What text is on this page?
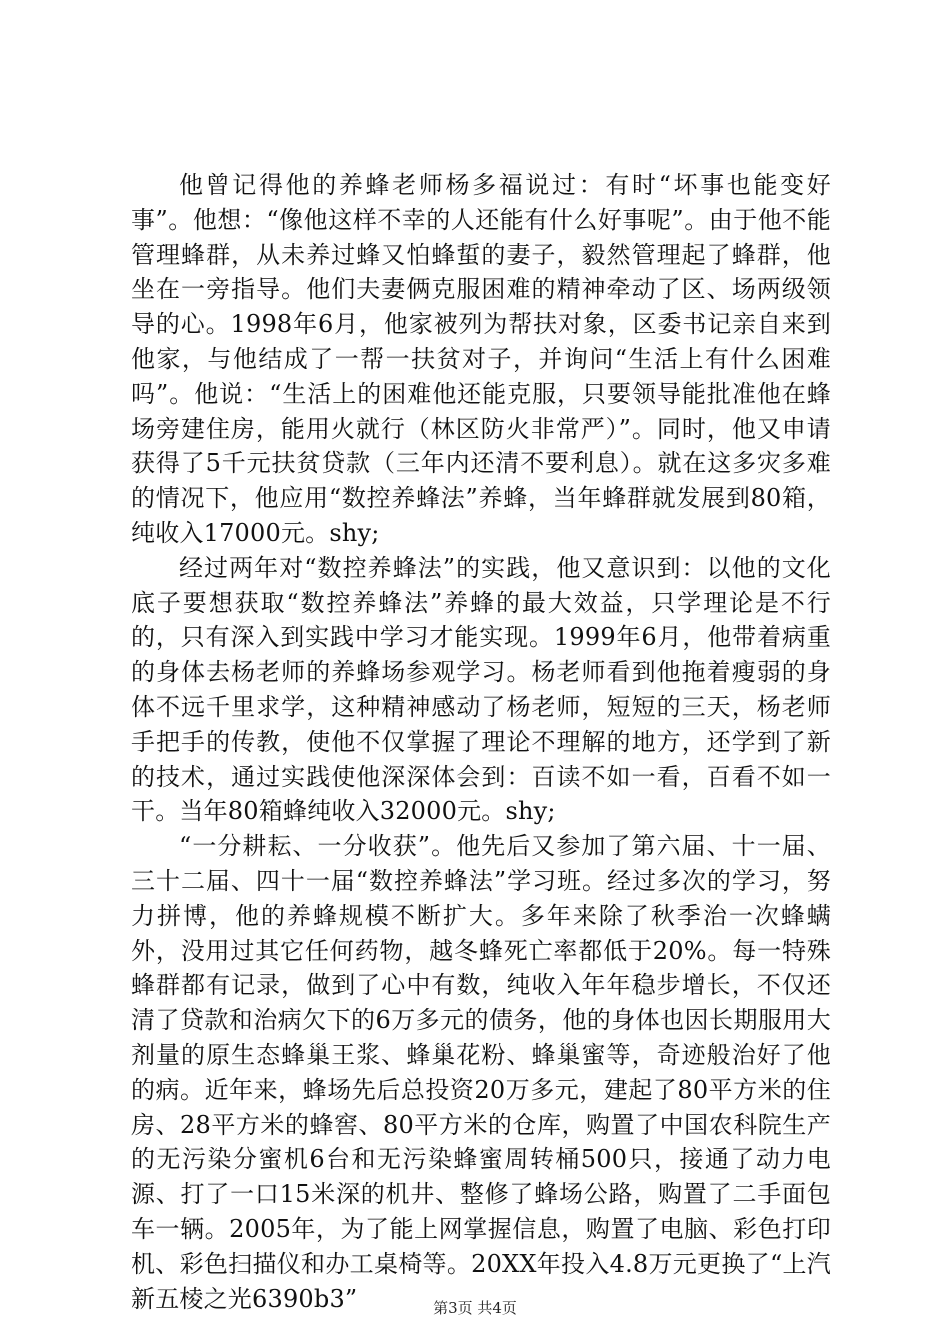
他曾记得他的养蜂老师杨多福说过：有时“坏事也能变好事”。他想：“像他这样不幸的人还能有什么好事呢”。由于他不能管理蜂群，从未养过蜂又怕蜂蜇的妻子，毅然管理起了蜂群，他坐在一旁指导。他们夫妻俩克服困难的精神牵动了区、场两级领导的心。1998年6月，他家被列为帮扶对象，区委书记亲自来到他家，与他结成了一帮一扶贫对子，并询问“生活上有什么困难吗”。他说：“生活上的困难他还能克服，只要领导能批准他在蜂场旁建住房，能用火就行（林区防火非常严）”。同时，他又申请获得了5千元扶贫贷款（三年内还清不要利息）。就在这多灾多难的情况下，他应用“数控养蜂法”养蜂，当年蜂群就发展到80箱，纯收入17000元。shy;

经过两年对“数控养蜂法”的实践，他又意识到：以他的文化底子要想获取“数控养蜂法”养蜂的最大效益，只学理论是不行的，只有深入到实践中学习才能实现。1999年6月，他带着病重的身体去杨老师的养蜂场参观学习。杨老师看到他拖着瘦弱的身体不远千里求学，这种精神感动了杨老师，短短的三天，杨老师手把手的传教，使他不仅掌握了理论不理解的地方，还学到了新的技术，通过实践使他深深体会到：百读不如一看，百看不如一干。当年80箱蜂纯收入32000元。shy;

“一分耕耘、一分收获”。他先后又参加了第六届、十一届、三十二届、四十一届“数控养蜂法”学习班。经过多次的学习，努力拼博，他的养蜂规模不断扩大。多年来除了秋季治一次蜂螨外，没用过其它任何药物，越冬蜂死亡率都低于20%。每一特殊蜂群都有记录，做到了心中有数，纯收入年年稳步增长，不仅还清了贷款和治病欠下的6万多元的债务，他的身体也因长期服用大剂量的原生态蜂巢王浆、蜂巢花粉、蜂巢蜜等，奇迹般治好了他的病。近年来，蜂场先后总投资20万多元，建起了80平方米的住房、28平方米的蜂窖、80平方米的仓库，购置了中国农科院生产的无污染分蜜机6台和无污染蜂蜜周转桶500只，接通了动力电源、打了一口15米深的机井、整修了蜂场公路，购置了二手面包车一辆。2005年，为了能上网掌握信息，购置了电脑、彩色打印机、彩色扫描仪和办工桌椅等。20XX年投入4.8万元更换了“上汽新五棱之光6390b3”	第3页 共4页
